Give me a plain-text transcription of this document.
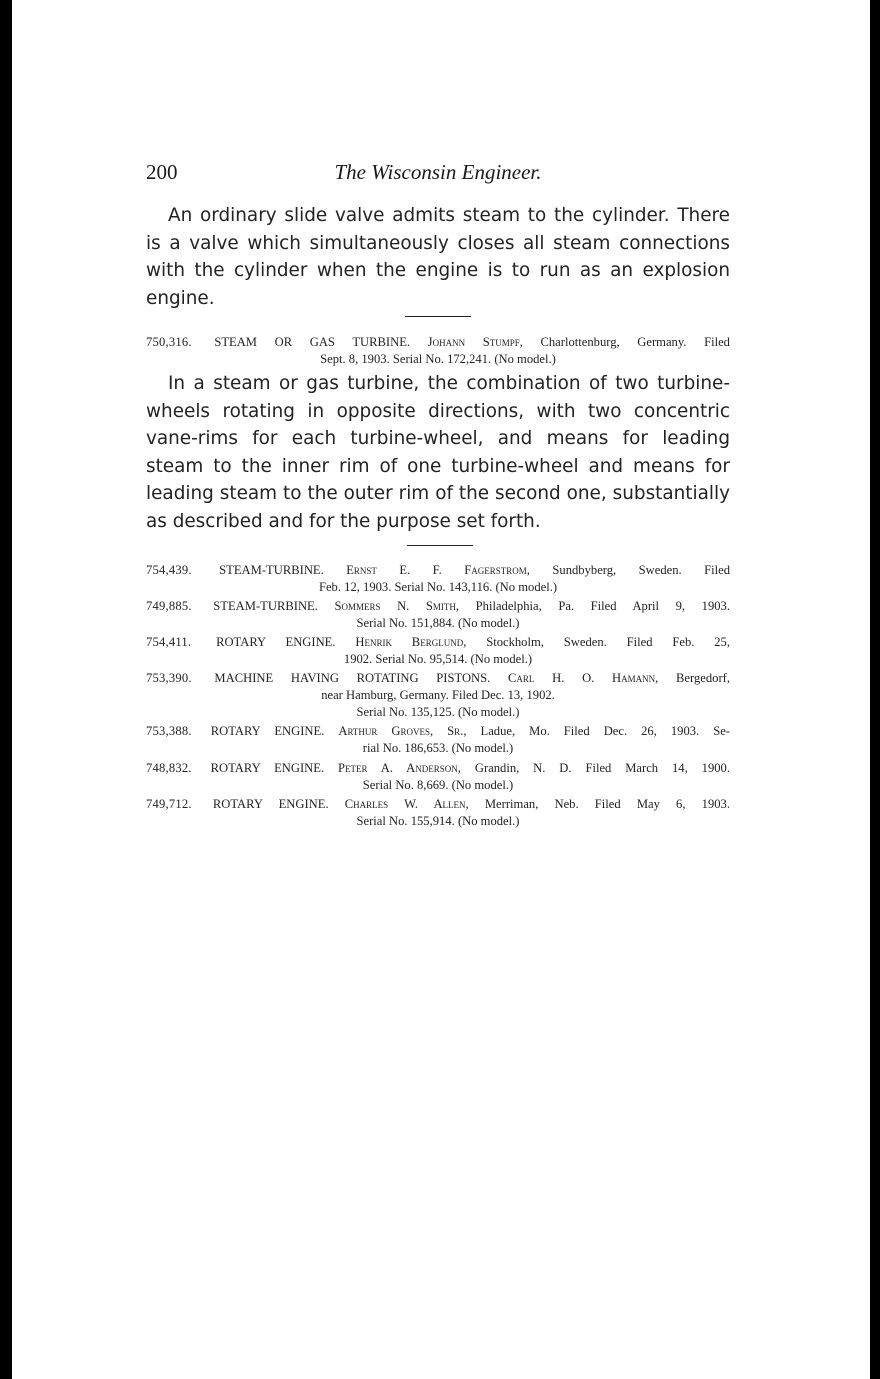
200	The Wisconsin Engineer.

An ordinary slide valve admits steam to the cylinder. There is a valve which simultaneously closes all steam connections with the cylinder when the engine is to run as an explosion engine.

750,316. STEAM OR GAS TURBINE. Johann Stumpf, Charlottenburg, Germany. Filed
Sept. 8, 1903. Serial No. 172,241. (No model.)

In a steam or gas turbine, the combination of two turbine-wheels rotating in opposite directions, with two concentric vane-rims for each turbine-wheel, and means for leading steam to the inner rim of one turbine-wheel and means for leading steam to the outer rim of the second one, substantially as described and for the purpose set forth.

754,439. STEAM-TURBINE. Ernst E. F. Fagerstrom, Sundbyberg, Sweden. Filed
Feb. 12, 1903. Serial No. 143,116. (No model.)
749,885. STEAM-TURBINE. Sommers N. Smith, Philadelphia, Pa. Filed April 9, 1903.
Serial No. 151,884. (No model.)
754,411. ROTARY ENGINE. Henrik Berglund, Stockholm, Sweden. Filed Feb. 25,
1902. Serial No. 95,514. (No model.)
753,390. MACHINE HAVING ROTATING PISTONS. Carl H. O. Hamann, Bergedorf,
near Hamburg, Germany. Filed Dec. 13, 1902.
Serial No. 135,125. (No model.)
753,388. ROTARY ENGINE. Arthur Groves, Sr., Ladue, Mo. Filed Dec. 26, 1903. Se-
rial No. 186,653. (No model.)
748,832. ROTARY ENGINE. Peter A. Anderson, Grandin, N. D. Filed March 14, 1900.
Serial No. 8,669. (No model.)
749,712. ROTARY ENGINE. Charles W. Allen, Merriman, Neb. Filed May 6, 1903.
Serial No. 155,914. (No model.)
